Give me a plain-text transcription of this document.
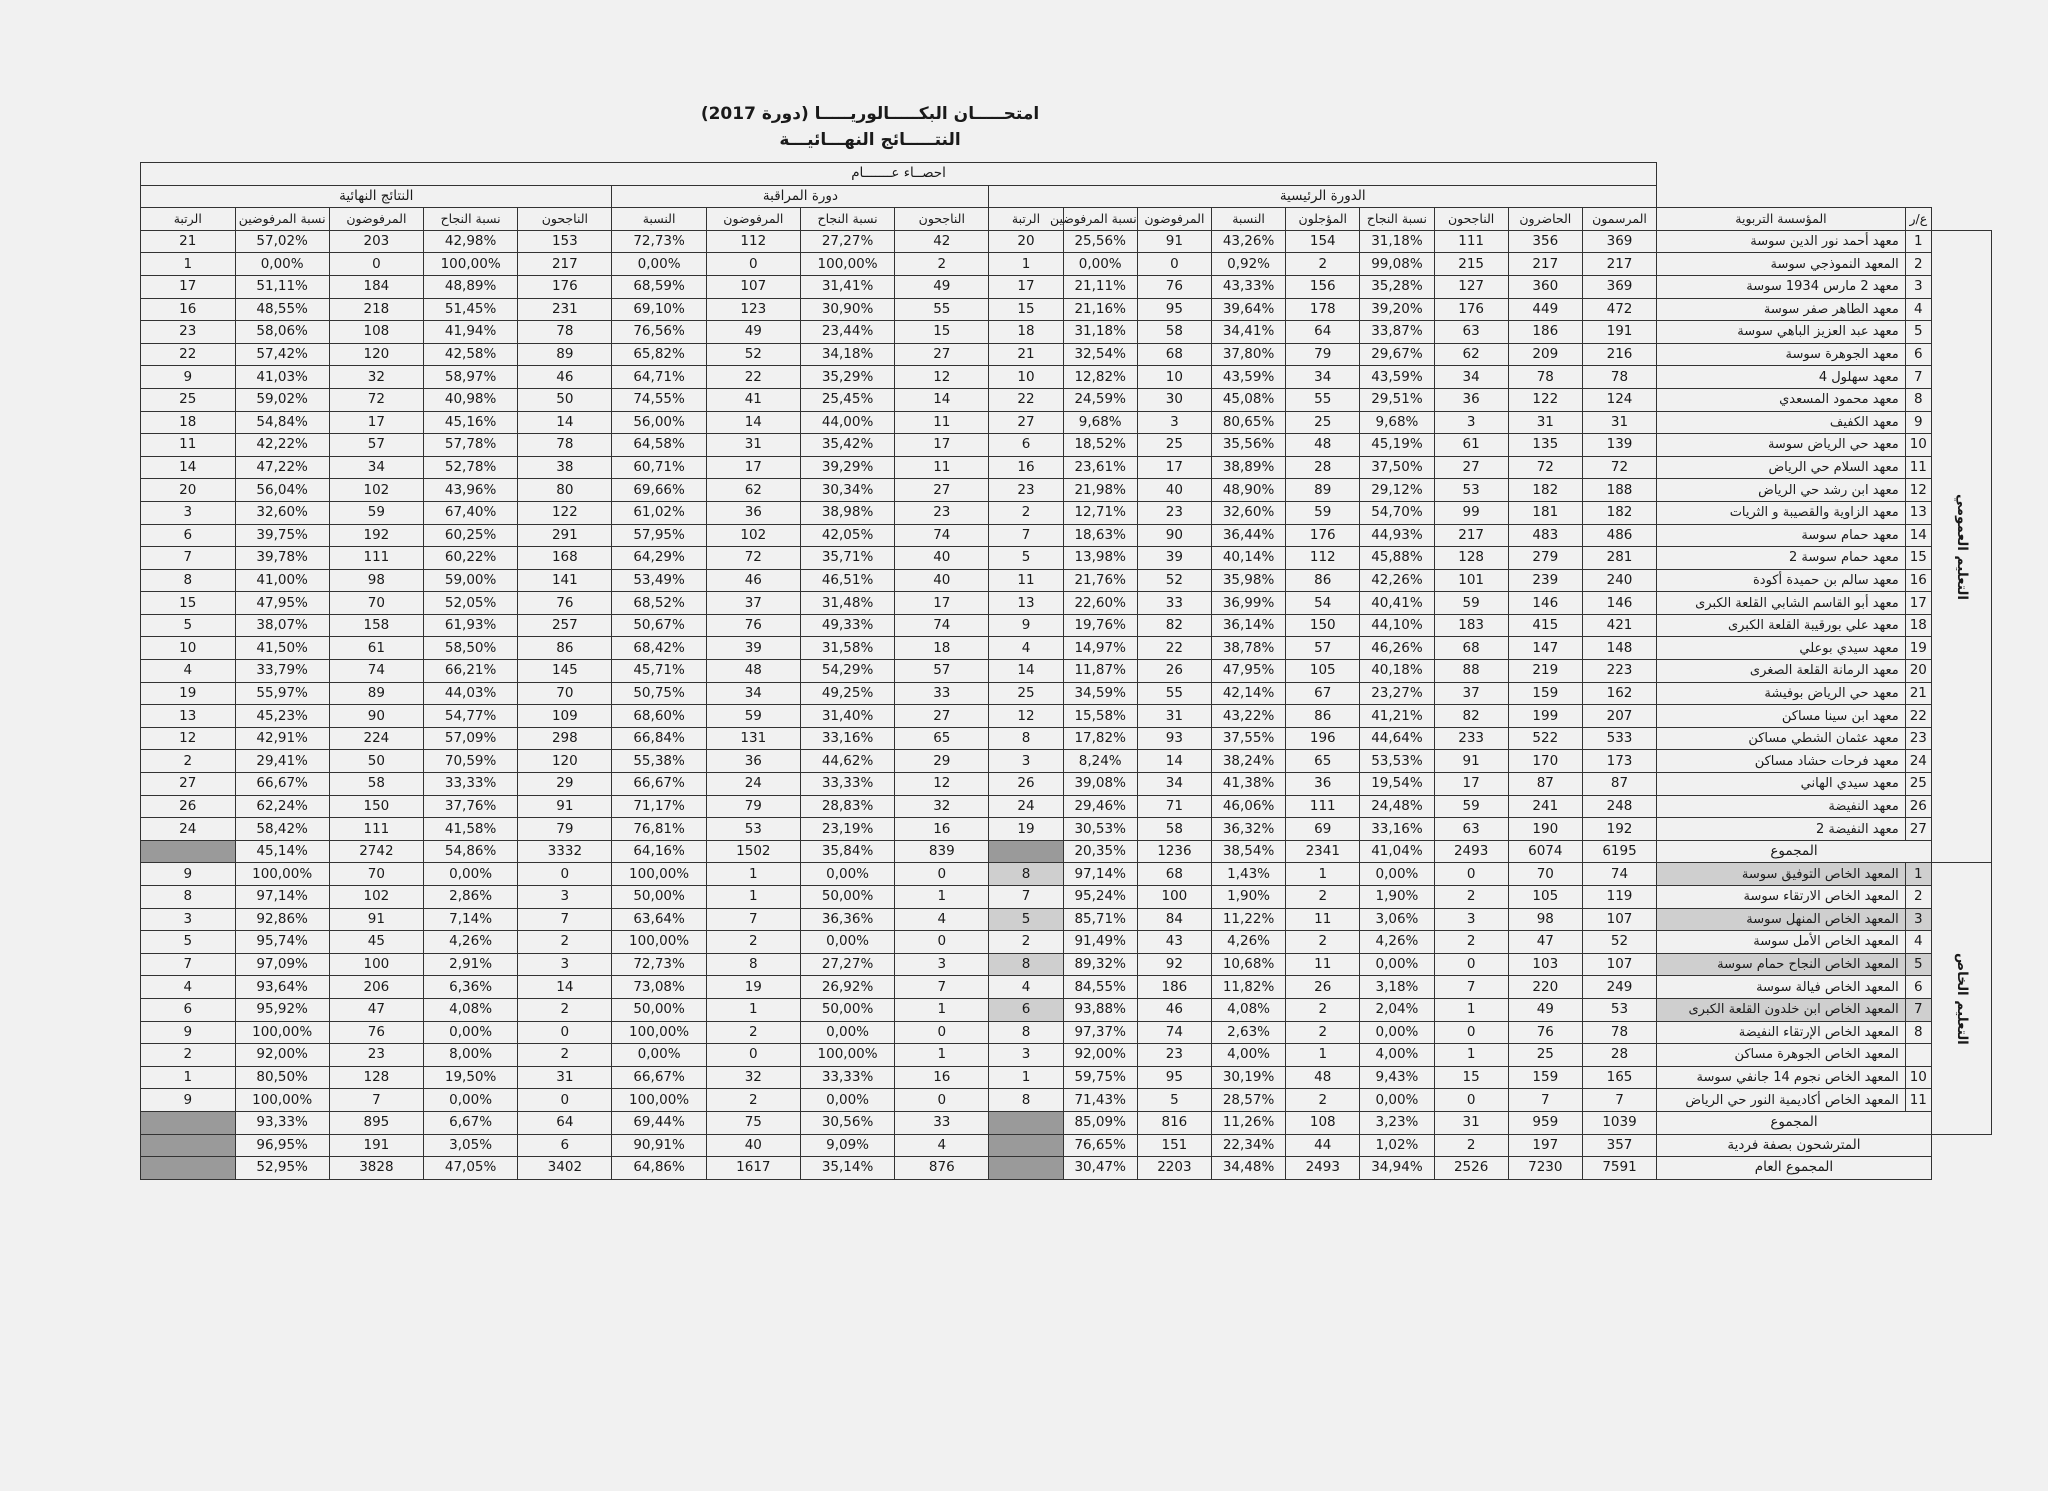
امتحـــــان البكـــــالوريـــــا (دورة 2017)
النتـــــائج النهـــائيـــة
			احصــاء عـــــــام																	
			الدورة الرئيسية									دورة المراقبة				النتائج النهائية				
	ع/ر	المؤسسة التربوية	المرسمون	الحاضرون	الناجحون	نسبة النجاح	المؤجلون	النسبة	المرفوضون	نسبة المرفوضين	الرتبة	الناجحون	نسبة النجاح	المرفوضون	النسبة	الناجحون	نسبة النجاح	المرفوضون	نسبة المرفوضين	الرتبة
التعليم العمومي	1	معهد أحمد نور الدين سوسة	369	356	111	31,18%	154	43,26%	91	25,56%	20	42	27,27%	112	72,73%	153	42,98%	203	57,02%	21
	2	المعهد النموذجي سوسة	217	217	215	99,08%	2	0,92%	0	0,00%	1	2	100,00%	0	0,00%	217	100,00%	0	0,00%	1
	3	معهد 2 مارس 1934 سوسة	369	360	127	35,28%	156	43,33%	76	21,11%	17	49	31,41%	107	68,59%	176	48,89%	184	51,11%	17
	4	معهد الطاهر صفر سوسة	472	449	176	39,20%	178	39,64%	95	21,16%	15	55	30,90%	123	69,10%	231	51,45%	218	48,55%	16
	5	معهد عبد العزيز الباهي سوسة	191	186	63	33,87%	64	34,41%	58	31,18%	18	15	23,44%	49	76,56%	78	41,94%	108	58,06%	23
	6	معهد الجوهرة سوسة	216	209	62	29,67%	79	37,80%	68	32,54%	21	27	34,18%	52	65,82%	89	42,58%	120	57,42%	22
	7	معهد سهلول 4	78	78	34	43,59%	34	43,59%	10	12,82%	10	12	35,29%	22	64,71%	46	58,97%	32	41,03%	9
	8	معهد محمود المسعدي	124	122	36	29,51%	55	45,08%	30	24,59%	22	14	25,45%	41	74,55%	50	40,98%	72	59,02%	25
	9	معهد الكفيف	31	31	3	9,68%	25	80,65%	3	9,68%	27	11	44,00%	14	56,00%	14	45,16%	17	54,84%	18
	10	معهد حي الرياض سوسة	139	135	61	45,19%	48	35,56%	25	18,52%	6	17	35,42%	31	64,58%	78	57,78%	57	42,22%	11
	11	معهد السلام حي الرياض	72	72	27	37,50%	28	38,89%	17	23,61%	16	11	39,29%	17	60,71%	38	52,78%	34	47,22%	14
	12	معهد ابن رشد حي الرياض	188	182	53	29,12%	89	48,90%	40	21,98%	23	27	30,34%	62	69,66%	80	43,96%	102	56,04%	20
	13	معهد الزاوية والقصيبة و الثريات	182	181	99	54,70%	59	32,60%	23	12,71%	2	23	38,98%	36	61,02%	122	67,40%	59	32,60%	3
	14	معهد حمام سوسة	486	483	217	44,93%	176	36,44%	90	18,63%	7	74	42,05%	102	57,95%	291	60,25%	192	39,75%	6
	15	معهد حمام سوسة 2	281	279	128	45,88%	112	40,14%	39	13,98%	5	40	35,71%	72	64,29%	168	60,22%	111	39,78%	7
	16	معهد سالم بن حميدة أكودة	240	239	101	42,26%	86	35,98%	52	21,76%	11	40	46,51%	46	53,49%	141	59,00%	98	41,00%	8
	17	معهد أبو القاسم الشابي القلعة الكبرى	146	146	59	40,41%	54	36,99%	33	22,60%	13	17	31,48%	37	68,52%	76	52,05%	70	47,95%	15
	18	معهد علي بورقيبة القلعة الكبرى	421	415	183	44,10%	150	36,14%	82	19,76%	9	74	49,33%	76	50,67%	257	61,93%	158	38,07%	5
	19	معهد سيدي بوعلي	148	147	68	46,26%	57	38,78%	22	14,97%	4	18	31,58%	39	68,42%	86	58,50%	61	41,50%	10
	20	معهد الرمانة القلعة الصغرى	223	219	88	40,18%	105	47,95%	26	11,87%	14	57	54,29%	48	45,71%	145	66,21%	74	33,79%	4
	21	معهد حي الرياض بوفيشة	162	159	37	23,27%	67	42,14%	55	34,59%	25	33	49,25%	34	50,75%	70	44,03%	89	55,97%	19
	22	معهد ابن سينا مساكن	207	199	82	41,21%	86	43,22%	31	15,58%	12	27	31,40%	59	68,60%	109	54,77%	90	45,23%	13
	23	معهد عثمان الشطي مساكن	533	522	233	44,64%	196	37,55%	93	17,82%	8	65	33,16%	131	66,84%	298	57,09%	224	42,91%	12
	24	معهد فرحات حشاد مساكن	173	170	91	53,53%	65	38,24%	14	8,24%	3	29	44,62%	36	55,38%	120	70,59%	50	29,41%	2
	25	معهد سيدي الهاني	87	87	17	19,54%	36	41,38%	34	39,08%	26	12	33,33%	24	66,67%	29	33,33%	58	66,67%	27
	26	معهد النفيضة	248	241	59	24,48%	111	46,06%	71	29,46%	24	32	28,83%	79	71,17%	91	37,76%	150	62,24%	26
	27	معهد النفيضة 2	192	190	63	33,16%	69	36,32%	58	30,53%	19	16	23,19%	53	76,81%	79	41,58%	111	58,42%	24
	المجموع		6195	6074	2493	41,04%	2341	38,54%	1236	20,35%		839	35,84%	1502	64,16%	3332	54,86%	2742	45,14%	
التعليم الخاص	1	المعهد الخاص التوفيق سوسة	74	70	0	0,00%	1	1,43%	68	97,14%	8	0	0,00%	1	100,00%	0	0,00%	70	100,00%	9
	2	المعهد الخاص الارتقاء سوسة	119	105	2	1,90%	2	1,90%	100	95,24%	7	1	50,00%	1	50,00%	3	2,86%	102	97,14%	8
	3	المعهد الخاص المنهل سوسة	107	98	3	3,06%	11	11,22%	84	85,71%	5	4	36,36%	7	63,64%	7	7,14%	91	92,86%	3
	4	المعهد الخاص الأمل سوسة	52	47	2	4,26%	2	4,26%	43	91,49%	2	0	0,00%	2	100,00%	2	4,26%	45	95,74%	5
	5	المعهد الخاص النجاح حمام سوسة	107	103	0	0,00%	11	10,68%	92	89,32%	8	3	27,27%	8	72,73%	3	2,91%	100	97,09%	7
	6	المعهد الخاص فيالة سوسة	249	220	7	3,18%	26	11,82%	186	84,55%	4	7	26,92%	19	73,08%	14	6,36%	206	93,64%	4
	7	المعهد الخاص ابن خلدون القلعة الكبرى	53	49	1	2,04%	2	4,08%	46	93,88%	6	1	50,00%	1	50,00%	2	4,08%	47	95,92%	6
	8	المعهد الخاص الإرتقاء النفيضة	78	76	0	0,00%	2	2,63%	74	97,37%	8	0	0,00%	2	100,00%	0	0,00%	76	100,00%	9
		المعهد الخاص الجوهرة مساكن	28	25	1	4,00%	1	4,00%	23	92,00%	3	1	100,00%	0	0,00%	2	8,00%	23	92,00%	2
	10	المعهد الخاص نجوم 14 جانفي سوسة	165	159	15	9,43%	48	30,19%	95	59,75%	1	16	33,33%	32	66,67%	31	19,50%	128	80,50%	1
	11	المعهد الخاص أكاديمية النور حي الرياض	7	7	0	0,00%	2	28,57%	5	71,43%	8	0	0,00%	2	100,00%	0	0,00%	7	100,00%	9
	المجموع		1039	959	31	3,23%	108	11,26%	816	85,09%		33	30,56%	75	69,44%	64	6,67%	895	93,33%	
	المترشحون بصفة فردية		357	197	2	1,02%	44	22,34%	151	76,65%		4	9,09%	40	90,91%	6	3,05%	191	96,95%	
	المجموع العام		7591	7230	2526	34,94%	2493	34,48%	2203	30,47%		876	35,14%	1617	64,86%	3402	47,05%	3828	52,95%	
